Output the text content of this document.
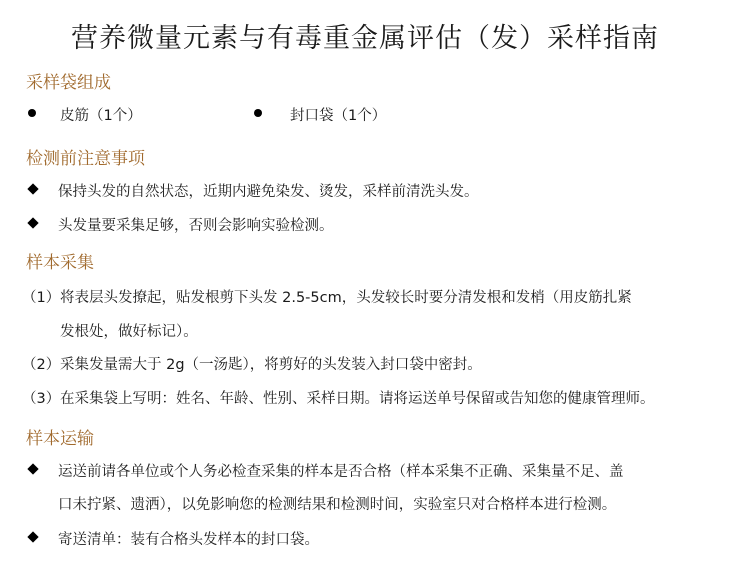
营养微量元素与有毒重金属评估（发）采样指南
采样袋组成
皮筋（1个）	封口袋（1个）
检测前注意事项
保持头发的自然状态，近期内避免染发、烫发，采样前清洗头发。
头发量要采集足够，否则会影响实验检测。
样本采集
（1） 将表层头发撩起，贴发根剪下头发 2.5-5cm，头发较长时要分清发根和发梢（用皮筋扎紧
发根处，做好标记）。
（2） 采集发量需大于 2g（一汤匙），将剪好的头发装入封口袋中密封。
（3） 在采集袋上写明：姓名、年龄、性别、采样日期。请将运送单号保留或告知您的健康管理师。
样本运输
运送前请各单位或个人务必检查采集的样本是否合格（样本采集不正确、采集量不足、盖
口未拧紧、遗洒），以免影响您的检测结果和检测时间，实验室只对合格样本进行检测。
寄送清单：装有合格头发样本的封口袋。
